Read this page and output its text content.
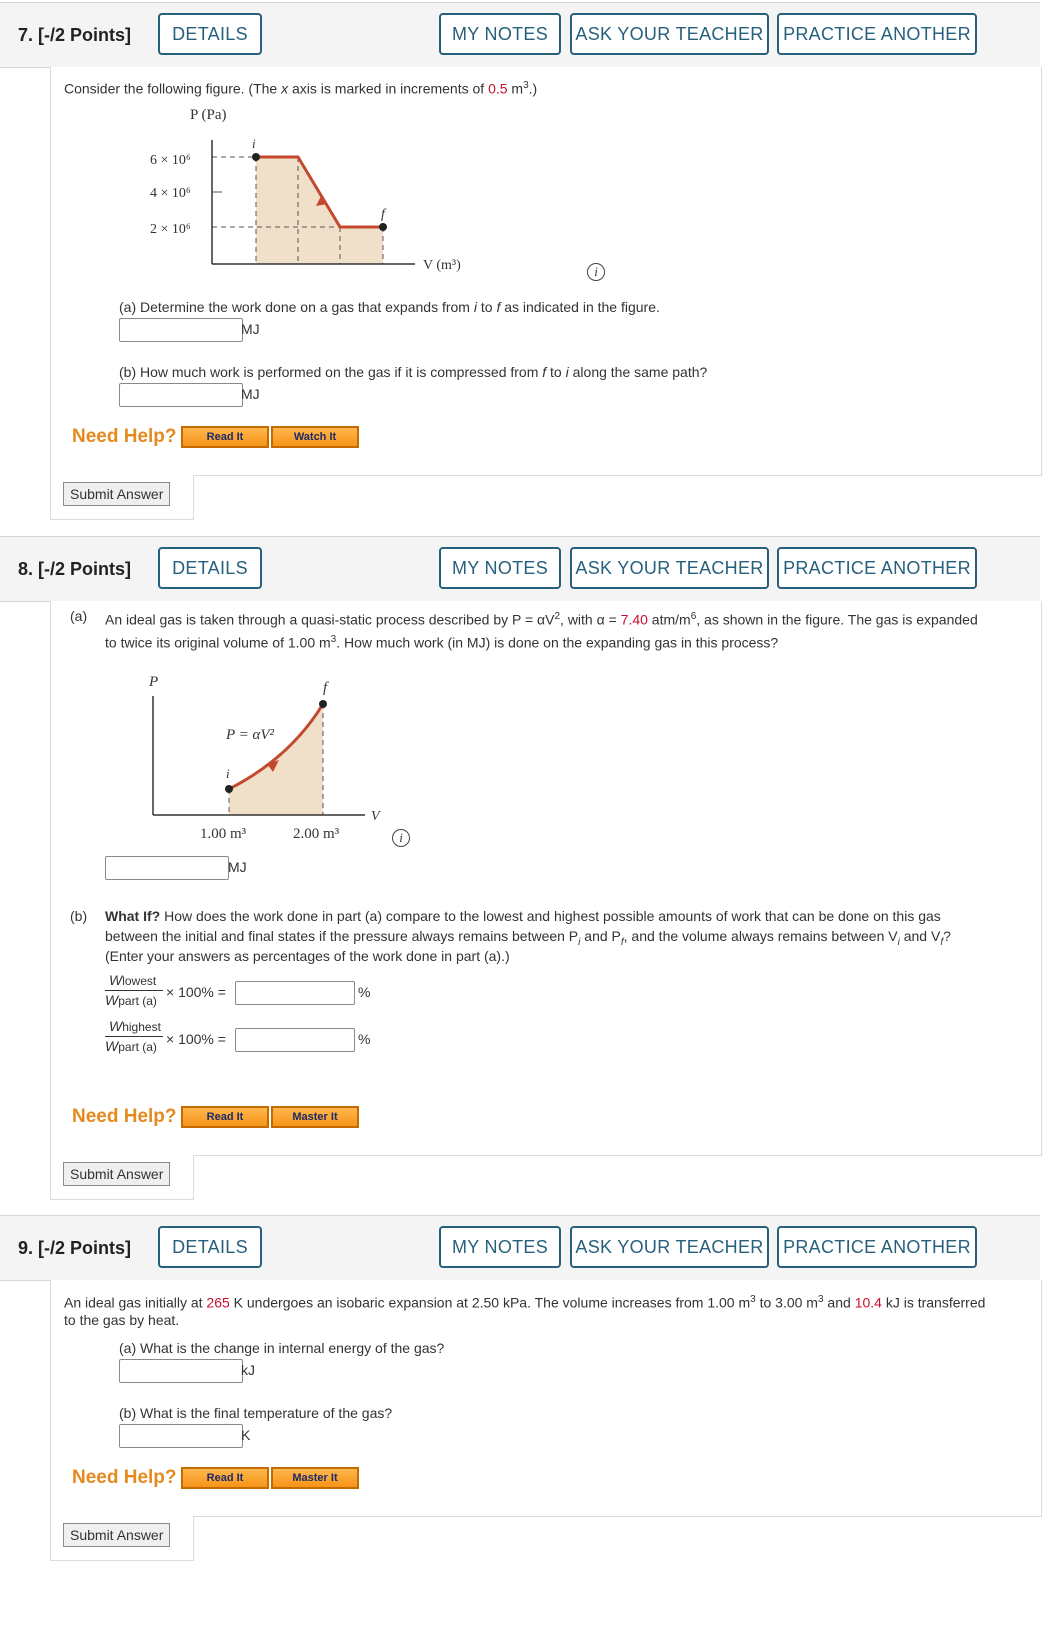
7. [-/2 Points]	DETAILS	MY NOTES	ASK YOUR TEACHER	PRACTICE ANOTHER
Consider the following figure. (The x axis is marked in increments of 0.5 $m^3$.)
P (Pa)
i
f
6 × 10⁶
4 × 10⁶
2 × 10⁶
V (m³)	i
(a) Determine the work done on a gas that expands from i to f as indicated in the figure.
MJ
(b) How much work is performed on the gas if it is compressed from f to i along the same path?
MJ
Need Help?	Read It	Watch It
Submit Answer
8. [-/2 Points]	DETAILS	MY NOTES	ASK YOUR TEACHER	PRACTICE ANOTHER
(a) An ideal gas is taken through a quasi-static process described by $P = \alpha V^2$, with α = 7.40 atm/$m^6$, as shown in the figure. The gas is expanded
to twice its original volume of 1.00 $m^3$. How much work (in MJ) is done on the expanding gas in this process?
P
i
f
P = αV²
V
1.00 m³	2.00 m³	i
MJ
(b) What If? How does the work done in part (a) compare to the lowest and highest possible amounts of work that can be done on this gas
between the initial and final states if the pressure always remains between $P_i$ and $P_f$, and the volume always remains between $V_i$ and $V_f$?
(Enter your answers as percentages of the work done in part (a).)
Wlowest
Wpart (a)
× 100% =	%
Whighest
Wpart (a) × 100% =	%
Need Help?	Read It	Master It
Submit Answer
9. [-/2 Points]	DETAILS	MY NOTES	ASK YOUR TEACHER	PRACTICE ANOTHER
An ideal gas initially at 265 K undergoes an isobaric expansion at 2.50 kPa. The volume increases from 1.00 $m^3$ to 3.00 $m^3$ and 10.4 kJ is transferred
to the gas by heat.
(a) What is the change in internal energy of the gas?
kJ
(b) What is the final temperature of the gas?
K
Need Help?	Read It	Master It
Submit Answer
